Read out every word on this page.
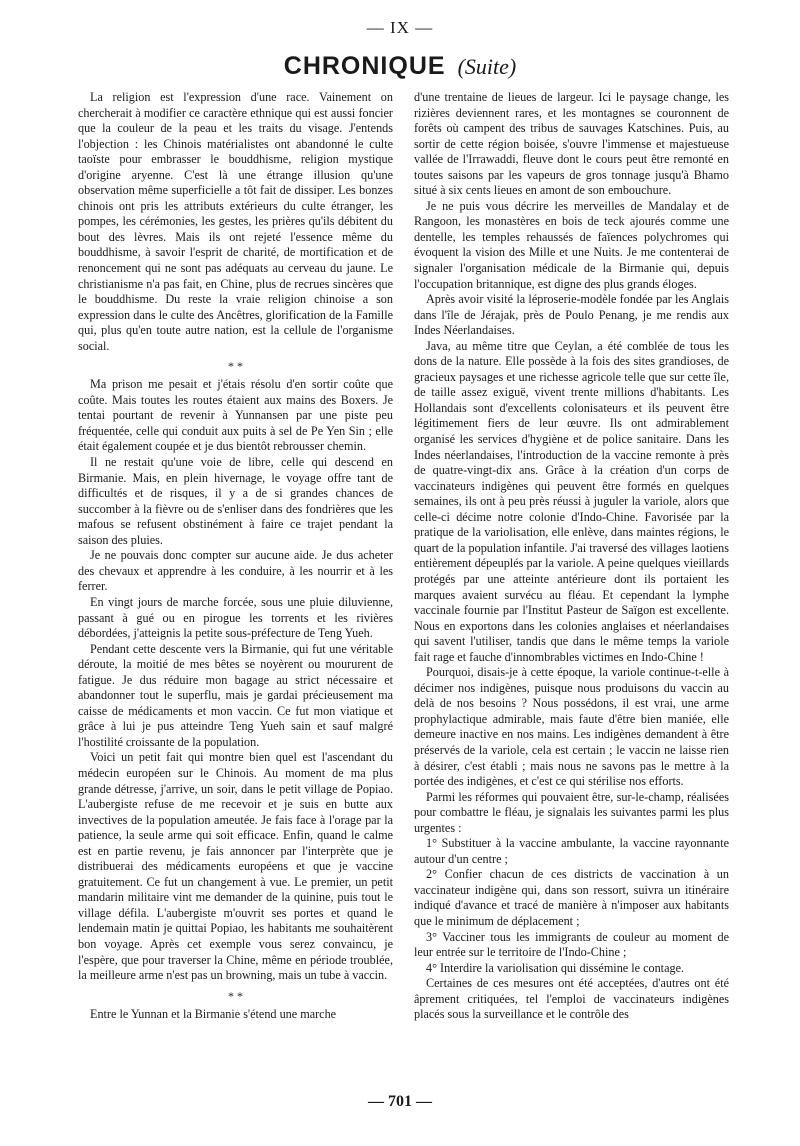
— IX —
CHRONIQUE (Suite)

La religion est l'expression d'une race. Vainement on chercherait à modifier ce caractère ethnique qui est aussi foncier que la couleur de la peau et les traits du visage. J'entends l'objection : les Chinois matérialistes ont abandonné le culte taoïste pour embrasser le bouddhisme, religion mystique d'origine aryenne. C'est là une étrange illusion qu'une observation même superficielle a tôt fait de dissiper. Les bonzes chinois ont pris les attributs extérieurs du culte étranger, les pompes, les cérémonies, les gestes, les prières qu'ils débitent du bout des lèvres. Mais ils ont rejeté l'essence même du bouddhisme, à savoir l'esprit de charité, de mortification et de renoncement qui ne sont pas adéquats au cerveau du jaune. Le christianisme n'a pas fait, en Chine, plus de recrues sincères que le bouddhisme. Du reste la vraie religion chinoise a son expression dans le culte des Ancêtres, glorification de la Famille qui, plus qu'en toute autre nation, est la cellule de l'organisme social.

* *

Ma prison me pesait et j'étais résolu d'en sortir coûte que coûte. Mais toutes les routes étaient aux mains des Boxers. Je tentai pourtant de revenir à Yunnansen par une piste peu fréquentée, celle qui conduit aux puits à sel de Pe Yen Sin ; elle était également coupée et je dus bientôt rebrousser chemin.

Il ne restait qu'une voie de libre, celle qui descend en Birmanie. Mais, en plein hivernage, le voyage offre tant de difficultés et de risques, il y a de si grandes chances de succomber à la fièvre ou de s'enliser dans des fondrières que les mafous se refusent obstinément à faire ce trajet pendant la saison des pluies.

Je ne pouvais donc compter sur aucune aide. Je dus acheter des chevaux et apprendre à les conduire, à les nourrir et à les ferrer.

En vingt jours de marche forcée, sous une pluie diluvienne, passant à gué ou en pirogue les torrents et les rivières débordées, j'atteignis la petite sous-préfecture de Teng Yueh.

Pendant cette descente vers la Birmanie, qui fut une véritable déroute, la moitié de mes bêtes se noyèrent ou moururent de fatigue. Je dus réduire mon bagage au strict nécessaire et abandonner tout le superflu, mais je gardai précieusement ma caisse de médicaments et mon vaccin. Ce fut mon viatique et grâce à lui je pus atteindre Teng Yueh sain et sauf malgré l'hostilité croissante de la population.

Voici un petit fait qui montre bien quel est l'ascendant du médecin européen sur le Chinois. Au moment de ma plus grande détresse, j'arrive, un soir, dans le petit village de Popiao. L'aubergiste refuse de me recevoir et je suis en butte aux invectives de la population ameutée. Je fais face à l'orage par la patience, la seule arme qui soit efficace. Enfin, quand le calme est en partie revenu, je fais annoncer par l'interprète que je distribuerai des médicaments européens et que je vaccine gratuitement. Ce fut un changement à vue. Le premier, un petit mandarin militaire vint me demander de la quinine, puis tout le village défila. L'aubergiste m'ouvrit ses portes et quand le lendemain matin je quittai Popiao, les habitants me souhaitèrent bon voyage. Après cet exemple vous serez convaincu, je l'espère, que pour traverser la Chine, même en période troublée, la meilleure arme n'est pas un browning, mais un tube à vaccin.

* *

Entre le Yunnan et la Birmanie s'étend une marche

d'une trentaine de lieues de largeur. Ici le paysage change, les rizières deviennent rares, et les montagnes se couronnent de forêts où campent des tribus de sauvages Katschines. Puis, au sortir de cette région boisée, s'ouvre l'immense et majestueuse vallée de l'Irrawaddi, fleuve dont le cours peut être remonté en toutes saisons par les vapeurs de gros tonnage jusqu'à Bhamo situé à six cents lieues en amont de son embouchure.

Je ne puis vous décrire les merveilles de Mandalay et de Rangoon, les monastères en bois de teck ajourés comme une dentelle, les temples rehaussés de faïences polychromes qui évoquent la vision des Mille et une Nuits. Je me contenterai de signaler l'organisation médicale de la Birmanie qui, depuis l'occupation britannique, est digne des plus grands éloges.

Après avoir visité la léproserie-modèle fondée par les Anglais dans l'île de Jérajak, près de Poulo Penang, je me rendis aux Indes Néerlandaises.

Java, au même titre que Ceylan, a été comblée de tous les dons de la nature. Elle possède à la fois des sites grandioses, de gracieux paysages et une richesse agricole telle que sur cette île, de taille assez exiguë, vivent trente millions d'habitants. Les Hollandais sont d'excellents colonisateurs et ils peuvent être légitimement fiers de leur œuvre. Ils ont admirablement organisé les services d'hygiène et de police sanitaire. Dans les Indes néerlandaises, l'introduction de la vaccine remonte à près de quatre-vingt-dix ans. Grâce à la création d'un corps de vaccinateurs indigènes qui peuvent être formés en quelques semaines, ils ont à peu près réussi à juguler la variole, alors que celle-ci décime notre colonie d'Indo-Chine. Favorisée par la pratique de la variolisation, elle enlève, dans maintes régions, le quart de la population infantile. J'ai traversé des villages laotiens entièrement dépeuplés par la variole. A peine quelques vieillards protégés par une atteinte antérieure dont ils portaient les marques avaient survécu au fléau. Et cependant la lymphe vaccinale fournie par l'Institut Pasteur de Saïgon est excellente. Nous en exportons dans les colonies anglaises et néerlandaises qui savent l'utiliser, tandis que dans le même temps la variole fait rage et fauche d'innombrables victimes en Indo-Chine !

Pourquoi, disais-je à cette époque, la variole continue-t-elle à décimer nos indigènes, puisque nous produisons du vaccin au delà de nos besoins ? Nous possédons, il est vrai, une arme prophylactique admirable, mais faute d'être bien maniée, elle demeure inactive en nos mains. Les indigènes demandent à être préservés de la variole, cela est certain ; le vaccin ne laisse rien à désirer, c'est établi ; mais nous ne savons pas le mettre à la portée des indigènes, et c'est ce qui stérilise nos efforts.

Parmi les réformes qui pouvaient être, sur-le-champ, réalisées pour combattre le fléau, je signalais les suivantes parmi les plus urgentes :

1° Substituer à la vaccine ambulante, la vaccine rayonnante autour d'un centre ;

2° Confier chacun de ces districts de vaccination à un vaccinateur indigène qui, dans son ressort, suivra un itinéraire indiqué d'avance et tracé de manière à n'imposer aux habitants que le minimum de déplacement ;

3° Vacciner tous les immigrants de couleur au moment de leur entrée sur le territoire de l'Indo-Chine ;

4° Interdire la variolisation qui dissémine le contage.

Certaines de ces mesures ont été acceptées, d'autres ont été âprement critiquées, tel l'emploi de vaccinateurs indigènes placés sous la surveillance et le contrôle des

— 701 —
